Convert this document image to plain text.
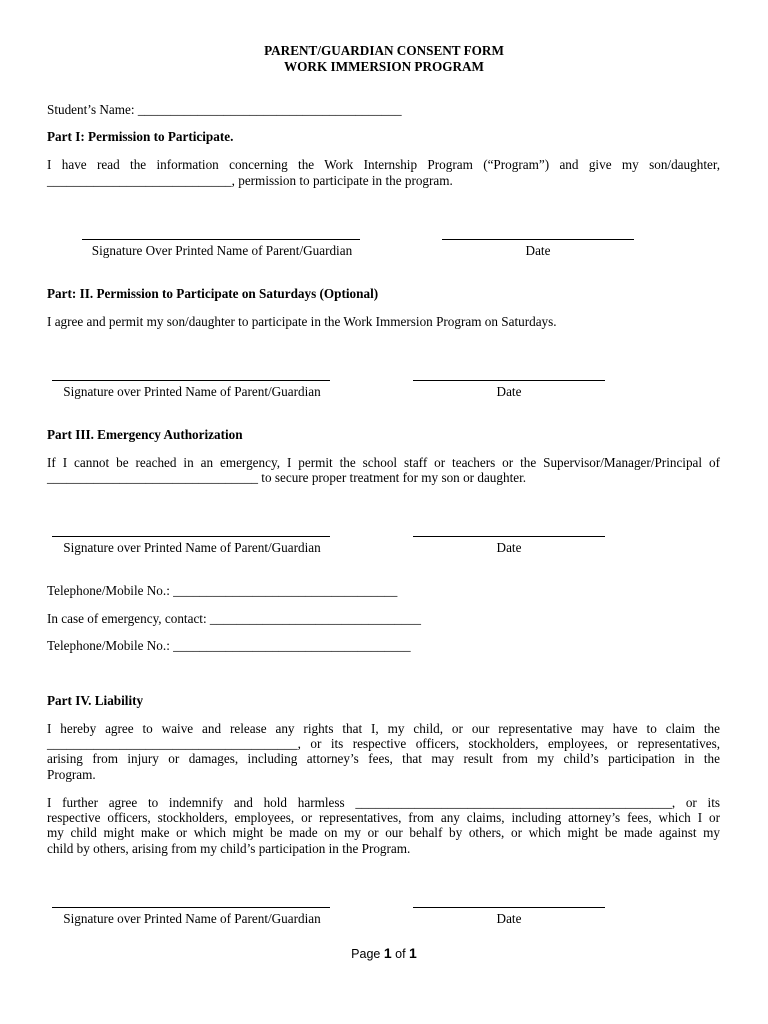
PARENT/GUARDIAN CONSENT FORM
WORK IMMERSION PROGRAM
Student’s Name: ________________________________________
Part I: Permission to Participate.
I have read the information concerning the Work Internship Program (“Program”) and give my son/daughter,
____________________________, permission to participate in the program.
Signature Over Printed Name of Parent/Guardian	Date
Part: II. Permission to Participate on Saturdays (Optional)
I agree and permit my son/daughter to participate in the Work Immersion Program on Saturdays.
Signature over Printed Name of Parent/Guardian	Date
Part III. Emergency Authorization
If I cannot be reached in an emergency, I permit the school staff or teachers or the Supervisor/Manager/Principal of
________________________________ to secure proper treatment for my son or daughter.
Signature over Printed Name of Parent/Guardian	Date
Telephone/Mobile No.: __________________________________
In case of emergency, contact: ________________________________
Telephone/Mobile No.: ____________________________________
Part IV. Liability
I hereby agree to waive and release any rights that I, my child, or our representative may have to claim the
______________________________________, or its respective officers, stockholders, employees, or representatives,
arising from injury or damages, including attorney’s fees, that may result from my child’s participation in the
Program.
I further agree to indemnify and hold harmless ________________________________________________, or its
respective officers, stockholders, employees, or representatives, from any claims, including attorney’s fees, which I or
my child might make or which might be made on my or our behalf by others, or which might be made against my
child by others, arising from my child’s participation in the Program.
Signature over Printed Name of Parent/Guardian	Date
Page 1 of 1
